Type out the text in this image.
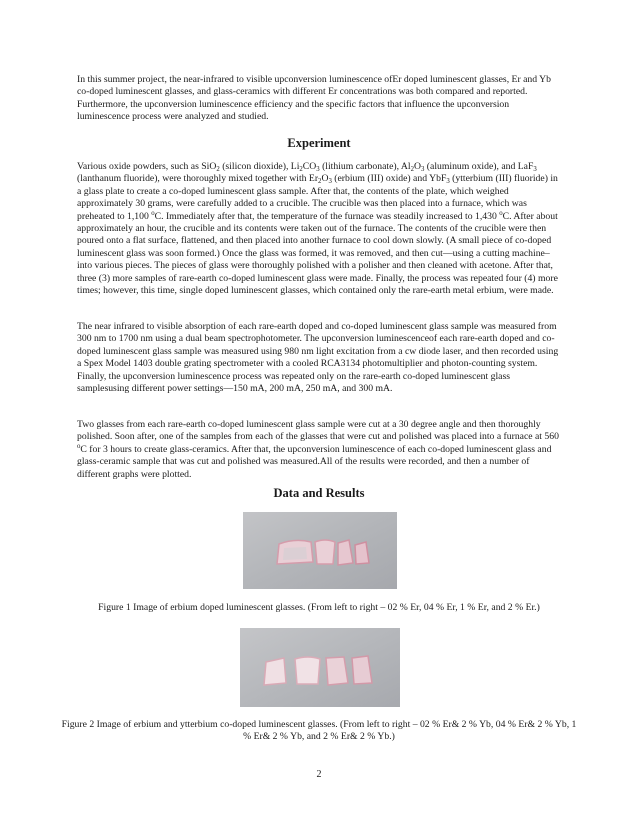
In this summer project, the near-infrared to visible upconversion luminescence ofEr doped luminescent glasses, Er and Yb co-doped luminescent glasses, and glass-ceramics with different Er concentrations was both compared and reported. Furthermore, the upconversion luminescence efficiency and the specific factors that influence the upconversion luminescence process were analyzed and studied.

Experiment

Various oxide powders, such as SiO$_2$ (silicon dioxide), $Li_2CO_3$ (lithium carbonate), $Al_2O_3$ (aluminum oxide), and LaF$_3$ (lanthanum fluoride), were thoroughly mixed together with $Er_2O_3$ (erbium (III) oxide) and YbF$_3$ (ytterbium (III) fluoride) in a glass plate to create a co-doped luminescent glass sample. After that, the contents of the plate, which weighed approximately 30 grams, were carefully added to a crucible. The crucible was then placed into a furnace, which was preheated to 1,100 $^o$C. Immediately after that, the temperature of the furnace was steadily increased to 1,430 $^o$C. After about approximately an hour, the crucible and its contents were taken out of the furnace. The contents of the crucible were then poured onto a flat surface, flattened, and then placed into another furnace to cool down slowly. (A small piece of co-doped luminescent glass was soon formed.) Once the glass was formed, it was removed, and then cut—using a cutting machine–into various pieces. The pieces of glass were thoroughly polished with a polisher and then cleaned with acetone. After that, three (3) more samples of rare-earth co-doped luminescent glass were made. Finally, the process was repeated four (4) more times; however, this time, single doped luminescent glasses, which contained only the rare-earth metal erbium, were made.

The near infrared to visible absorption of each rare-earth doped and co-doped luminescent glass sample was measured from 300 nm to 1700 nm using a dual beam spectrophotometer. The upconversion luminescenceof each rare-earth doped and co-doped luminescent glass sample was measured using 980 nm light excitation from a cw diode laser, and then recorded using a Spex Model 1403 double grating spectrometer with a cooled RCA3134 photomultiplier and photon-counting system. Finally, the upconversion luminescence process was repeated only on the rare-earth co-doped luminescent glass samplesusing different power settings—150 mA, 200 mA, 250 mA, and 300 mA.

Two glasses from each rare-earth co-doped luminescent glass sample were cut at a 30 degree angle and then thoroughly polished. Soon after, one of the samples from each of the glasses that were cut and polished was placed into a furnace at 560 $^o$C for 3 hours to create glass-ceramics. After that, the upconversion luminescence of each co-doped luminescent glass and glass-ceramic sample that was cut and polished was measured.All of the results were recorded, and then a number of different graphs were plotted.

Data and Results

Figure 1 Image of erbium doped luminescent glasses. (From left to right – 02 % Er, 04 % Er, 1 % Er, and 2 % Er.)

Figure 2 Image of erbium and ytterbium co-doped luminescent glasses. (From left to right – 02 % Er& 2 % Yb, 04 % Er& 2 % Yb, 1 % Er& 2 % Yb, and 2 % Er& 2 % Yb.)

2
